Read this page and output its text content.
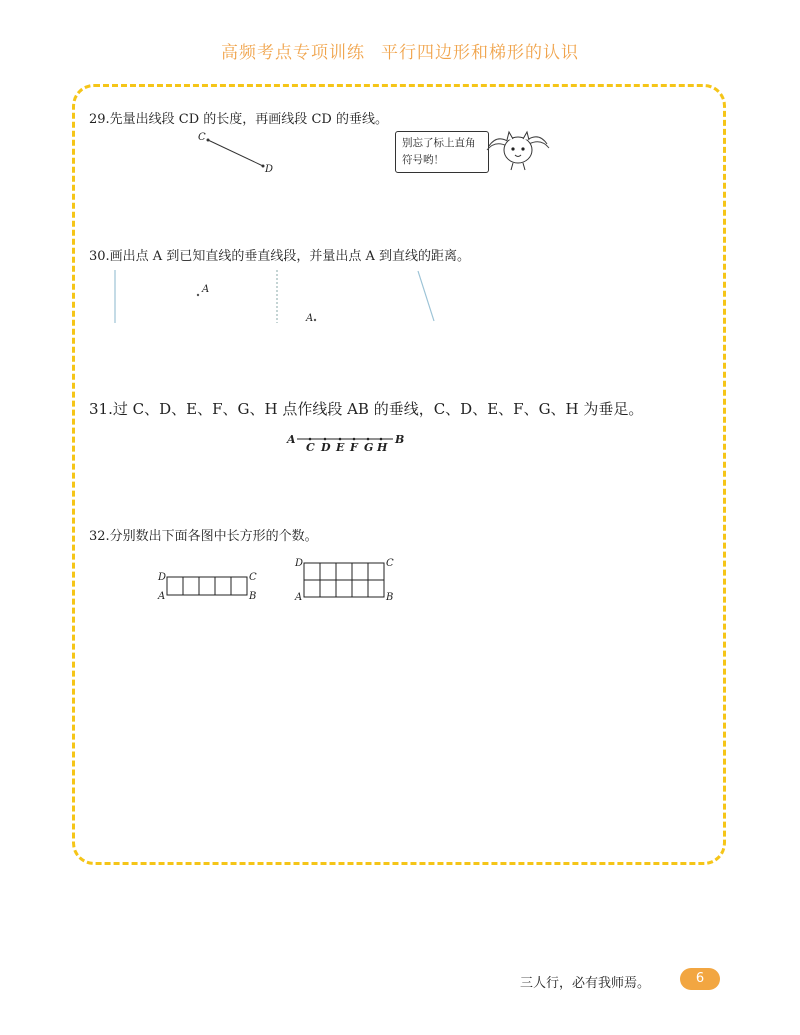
高频考点专项训练 平行四边形和梯形的认识
29.先量出线段 CD 的长度，再画线段 CD 的垂线。
C
D
别忘了标上直角
符号哟！
30.画出点 A 到已知直线的垂直线段，并量出点 A 到直线的距离。
A
A
31.过 C、D、E、F、G、H 点作线段 AB 的垂线，C、D、E、F、G、H 为垂足。
A	B
C D E F G H
32.分别数出下面各图中长方形的个数。
D	C
A	B
D	C
A	B
三人行，必有我师焉。	6
